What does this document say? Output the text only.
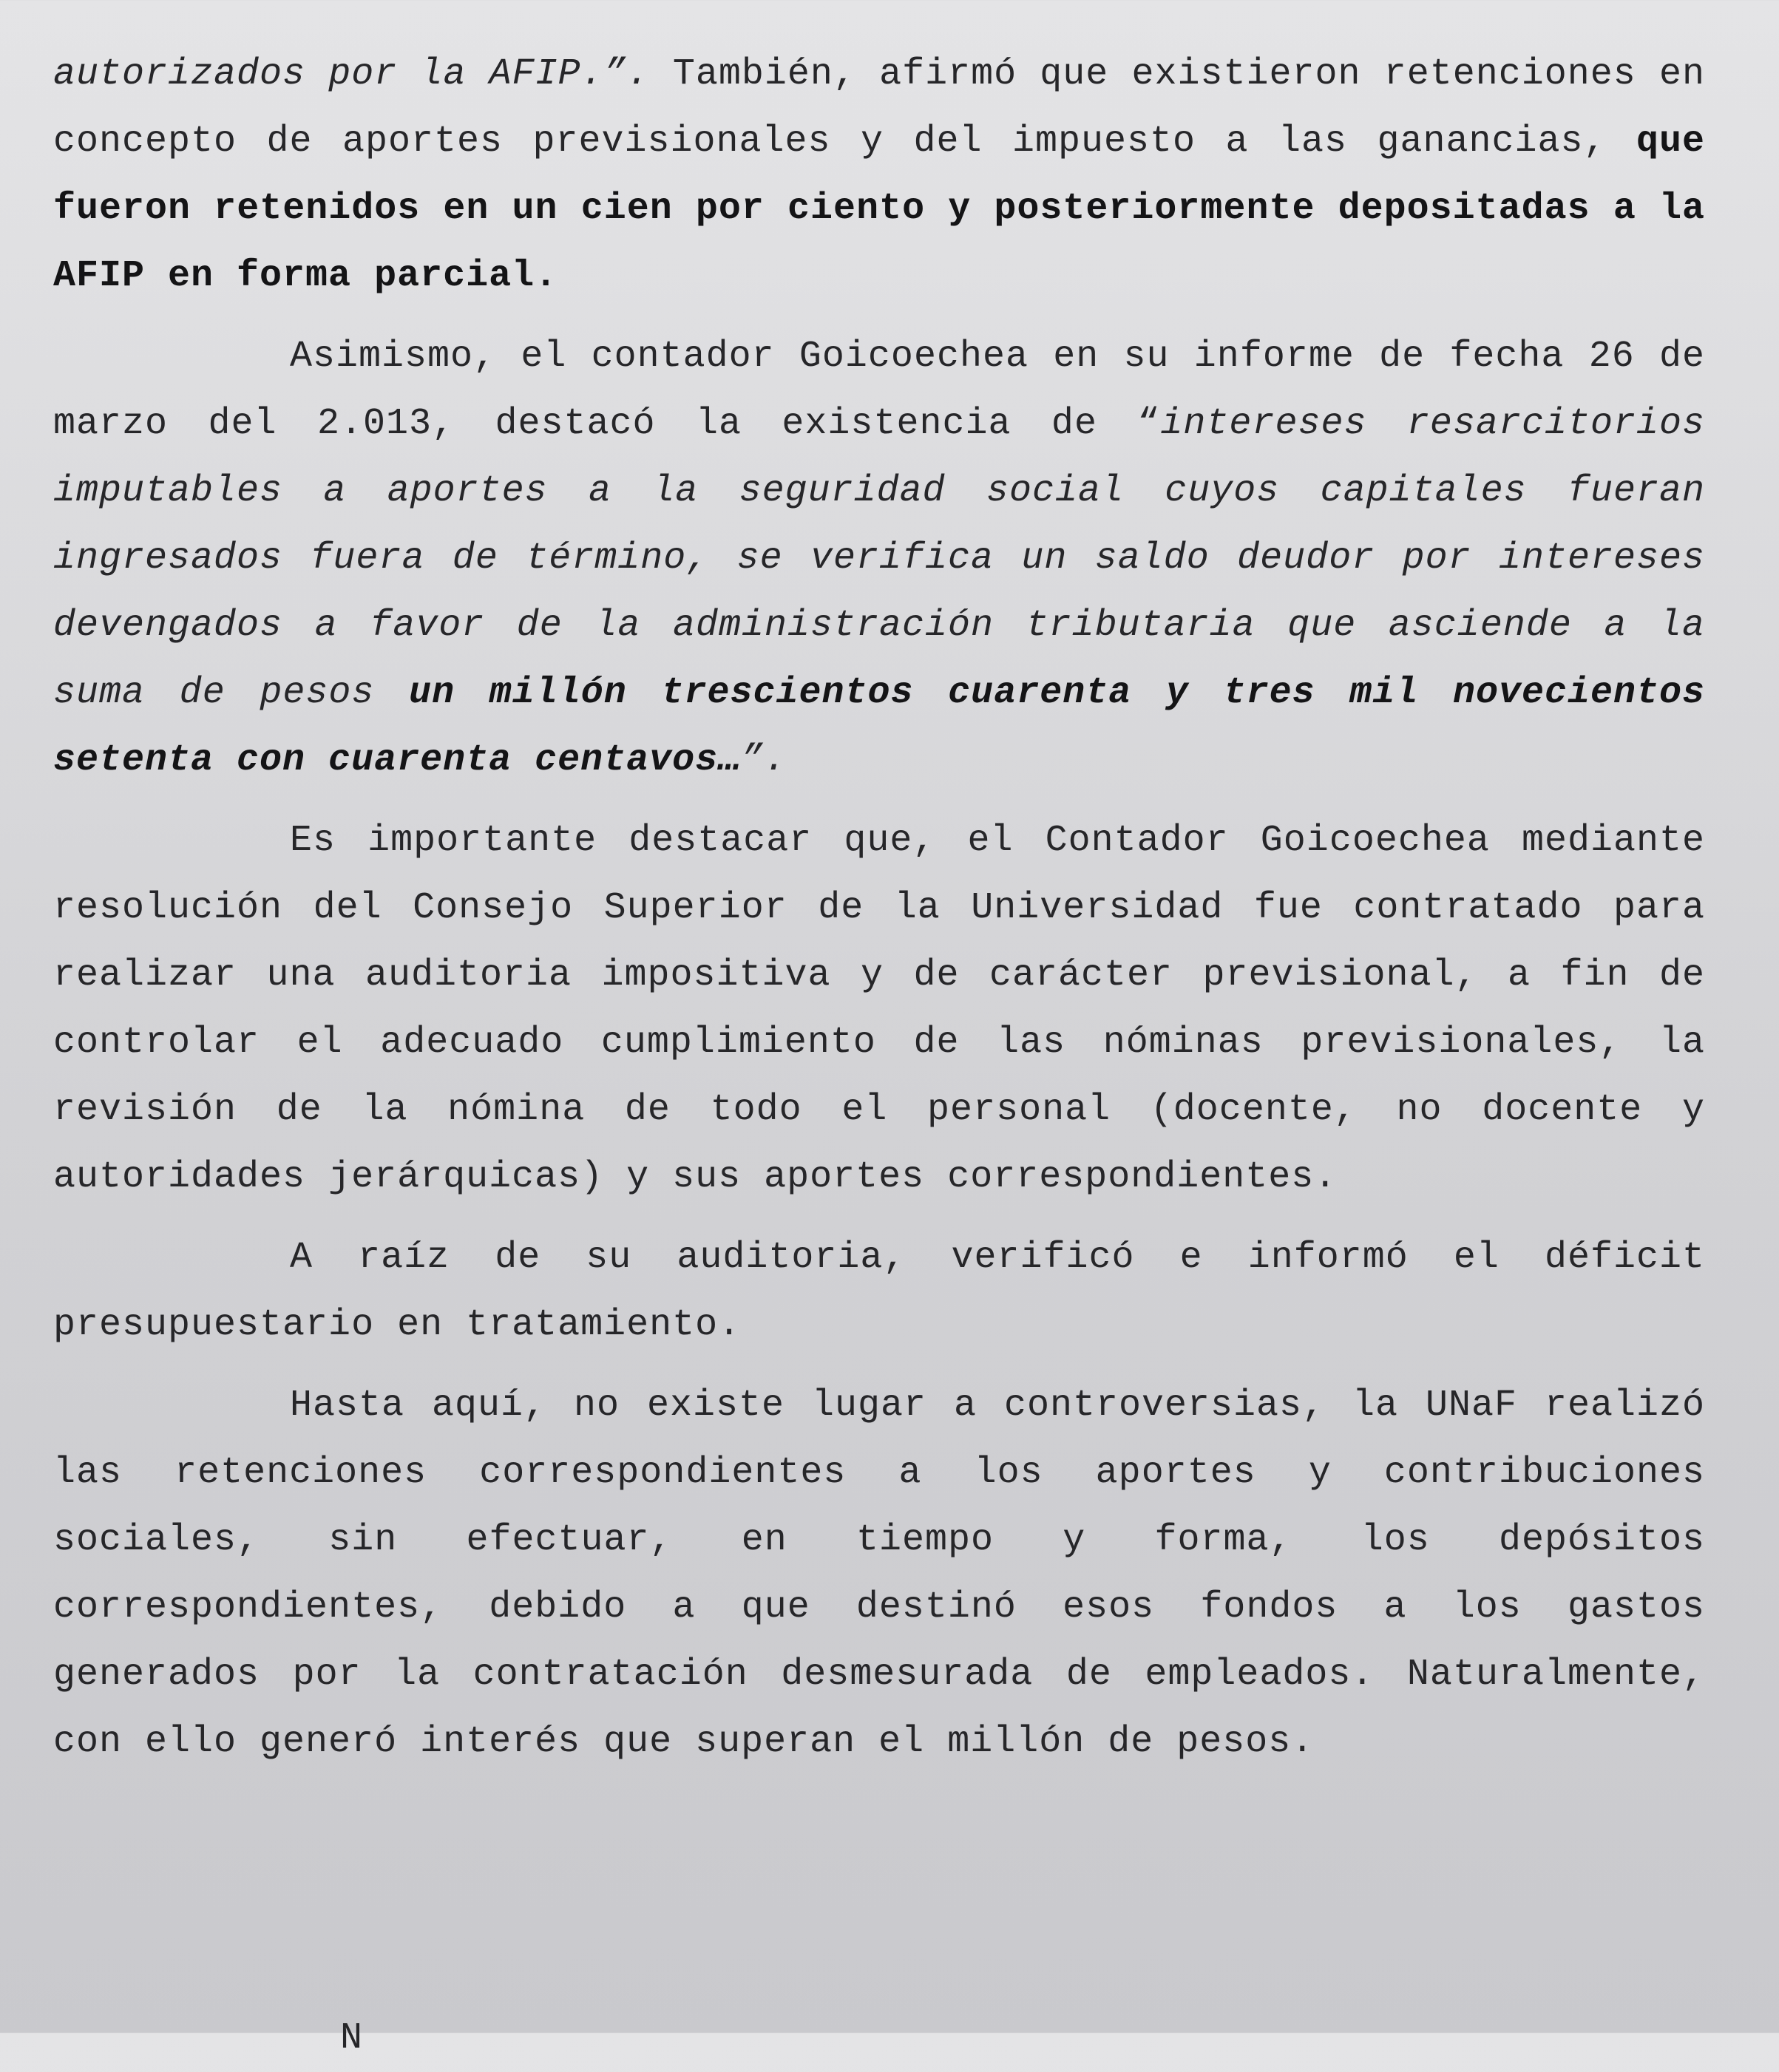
autorizados por la AFIP.”. También, afirmó que existieron retenciones en concepto de aportes previsionales y del impuesto a las ganancias, que fueron retenidos en un cien por ciento y posteriormente depositadas a la AFIP en forma parcial.

Asimismo, el contador Goicoechea en su informe de fecha 26 de marzo del 2.013, destacó la existencia de “intereses resarcitorios imputables a aportes a la seguridad social cuyos capitales fueran ingresados fuera de término, se verifica un saldo deudor por intereses devengados a favor de la administración tributaria que asciende a la suma de pesos un millón trescientos cuarenta y tres mil novecientos setenta con cuarenta centavos…”.

Es importante destacar que, el Contador Goicoechea mediante resolución del Consejo Superior de la Universidad fue contratado para realizar una auditoria impositiva y de carácter previsional, a fin de controlar el adecuado cumplimiento de las nóminas previsionales, la revisión de la nómina de todo el personal (docente, no docente y autoridades jerárquicas) y sus aportes correspondientes.

A raíz de su auditoria, verificó e informó el déficit presupuestario en tratamiento.

Hasta aquí, no existe lugar a controversias, la UNaF realizó las retenciones correspondientes a los aportes y contribuciones sociales, sin efectuar, en tiempo y forma, los depósitos correspondientes, debido a que destinó esos fondos a los gastos generados por la contratación desmesurada de empleados. Naturalmente, con ello generó interés que superan el millón de pesos.

N
